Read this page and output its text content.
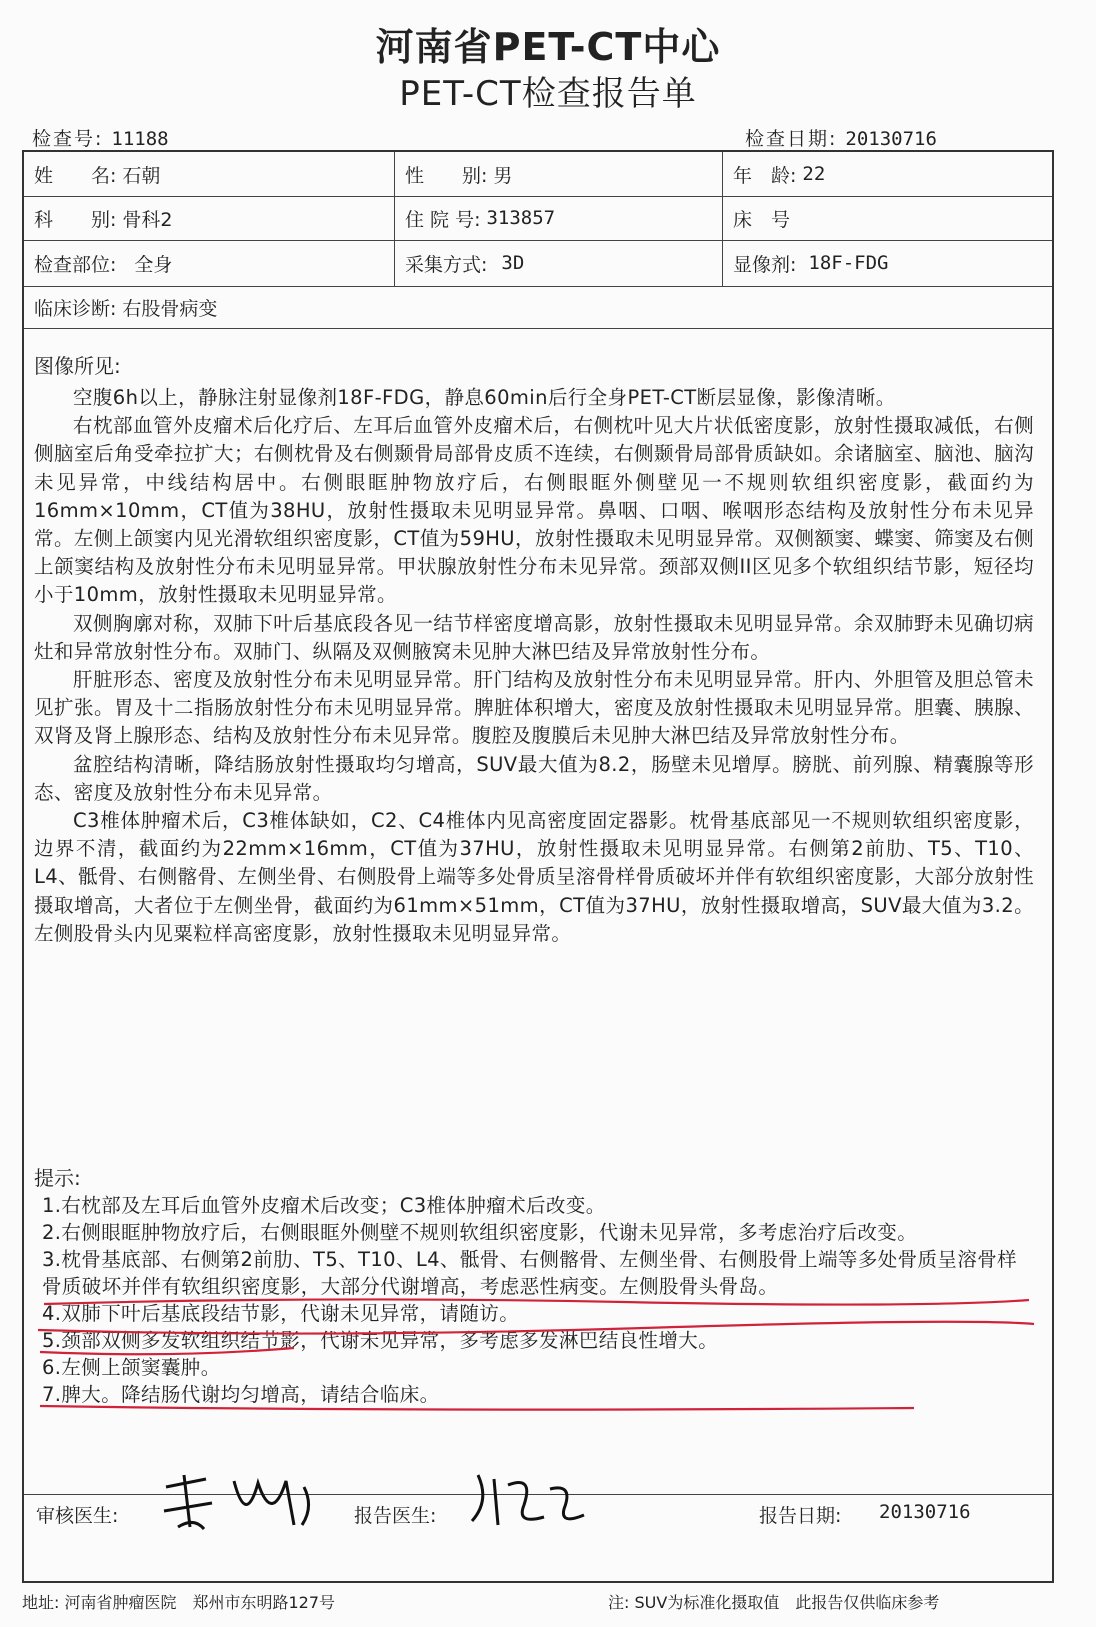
河南省PET-CT中心
PET-CT检查报告单
检查号: 11188	检查日期: 20130716
姓　　名: 石朝	性　　别: 男	年　龄: 22
科　　别: 骨科2	住 院 号: 313857	床　号
检查部位: 全身	采集方式: 3D	显像剂: 18F-FDG
临床诊断: 右股骨病变
图像所见:

空腹6h以上，静脉注射显像剂18F-FDG，静息60min后行全身PET-CT断层显像，影像清晰。

右枕部血管外皮瘤术后化疗后、左耳后血管外皮瘤术后，右侧枕叶见大片状低密度影，放射性摄取减低，右侧侧脑室后角受牵拉扩大；右侧枕骨及右侧颞骨局部骨皮质不连续，右侧颞骨局部骨质缺如。余诸脑室、脑池、脑沟未见异常，中线结构居中。右侧眼眶肿物放疗后，右侧眼眶外侧壁见一不规则软组织密度影，截面约为16mm×10mm，CT值为38HU，放射性摄取未见明显异常。鼻咽、口咽、喉咽形态结构及放射性分布未见异常。左侧上颌窦内见光滑软组织密度影，CT值为59HU，放射性摄取未见明显异常。双侧额窦、蝶窦、筛窦及右侧上颌窦结构及放射性分布未见明显异常。甲状腺放射性分布未见异常。颈部双侧II区见多个软组织结节影，短径均小于10mm，放射性摄取未见明显异常。

双侧胸廓对称，双肺下叶后基底段各见一结节样密度增高影，放射性摄取未见明显异常。余双肺野未见确切病灶和异常放射性分布。双肺门、纵隔及双侧腋窝未见肿大淋巴结及异常放射性分布。

肝脏形态、密度及放射性分布未见明显异常。肝门结构及放射性分布未见明显异常。肝内、外胆管及胆总管未见扩张。胃及十二指肠放射性分布未见明显异常。脾脏体积增大，密度及放射性摄取未见明显异常。胆囊、胰腺、双肾及肾上腺形态、结构及放射性分布未见异常。腹腔及腹膜后未见肿大淋巴结及异常放射性分布。

盆腔结构清晰，降结肠放射性摄取均匀增高，SUV最大值为8.2，肠壁未见增厚。膀胱、前列腺、精囊腺等形态、密度及放射性分布未见异常。

C3椎体肿瘤术后，C3椎体缺如，C2、C4椎体内见高密度固定器影。枕骨基底部见一不规则软组织密度影，边界不清，截面约为22mm×16mm，CT值为37HU，放射性摄取未见明显异常。右侧第2前肋、T5、T10、L4、骶骨、右侧髂骨、左侧坐骨、右侧股骨上端等多处骨质呈溶骨样骨质破坏并伴有软组织密度影，大部分放射性摄取增高，大者位于左侧坐骨，截面约为61mm×51mm，CT值为37HU，放射性摄取增高，SUV最大值为3.2。左侧股骨头内见粟粒样高密度影，放射性摄取未见明显异常。

提示:
1.右枕部及左耳后血管外皮瘤术后改变；C3椎体肿瘤术后改变。
2.右侧眼眶肿物放疗后，右侧眼眶外侧壁不规则软组织密度影，代谢未见异常，多考虑治疗后改变。
3.枕骨基底部、右侧第2前肋、T5、T10、L4、骶骨、右侧髂骨、左侧坐骨、右侧股骨上端等多处骨质呈溶骨样骨质破坏并伴有软组织密度影，大部分代谢增高，考虑恶性病变。左侧股骨头骨岛。
4.双肺下叶后基底段结节影，代谢未见异常，请随访。
5.颈部双侧多发软组织结节影，代谢未见异常，多考虑多发淋巴结良性增大。
6.左侧上颌窦囊肿。
7.脾大。降结肠代谢均匀增高，请结合临床。
审核医生:	报告医生:	报告日期: 20130716
地址: 河南省肿瘤医院　郑州市东明路127号	注: SUV为标准化摄取值　此报告仅供临床参考
